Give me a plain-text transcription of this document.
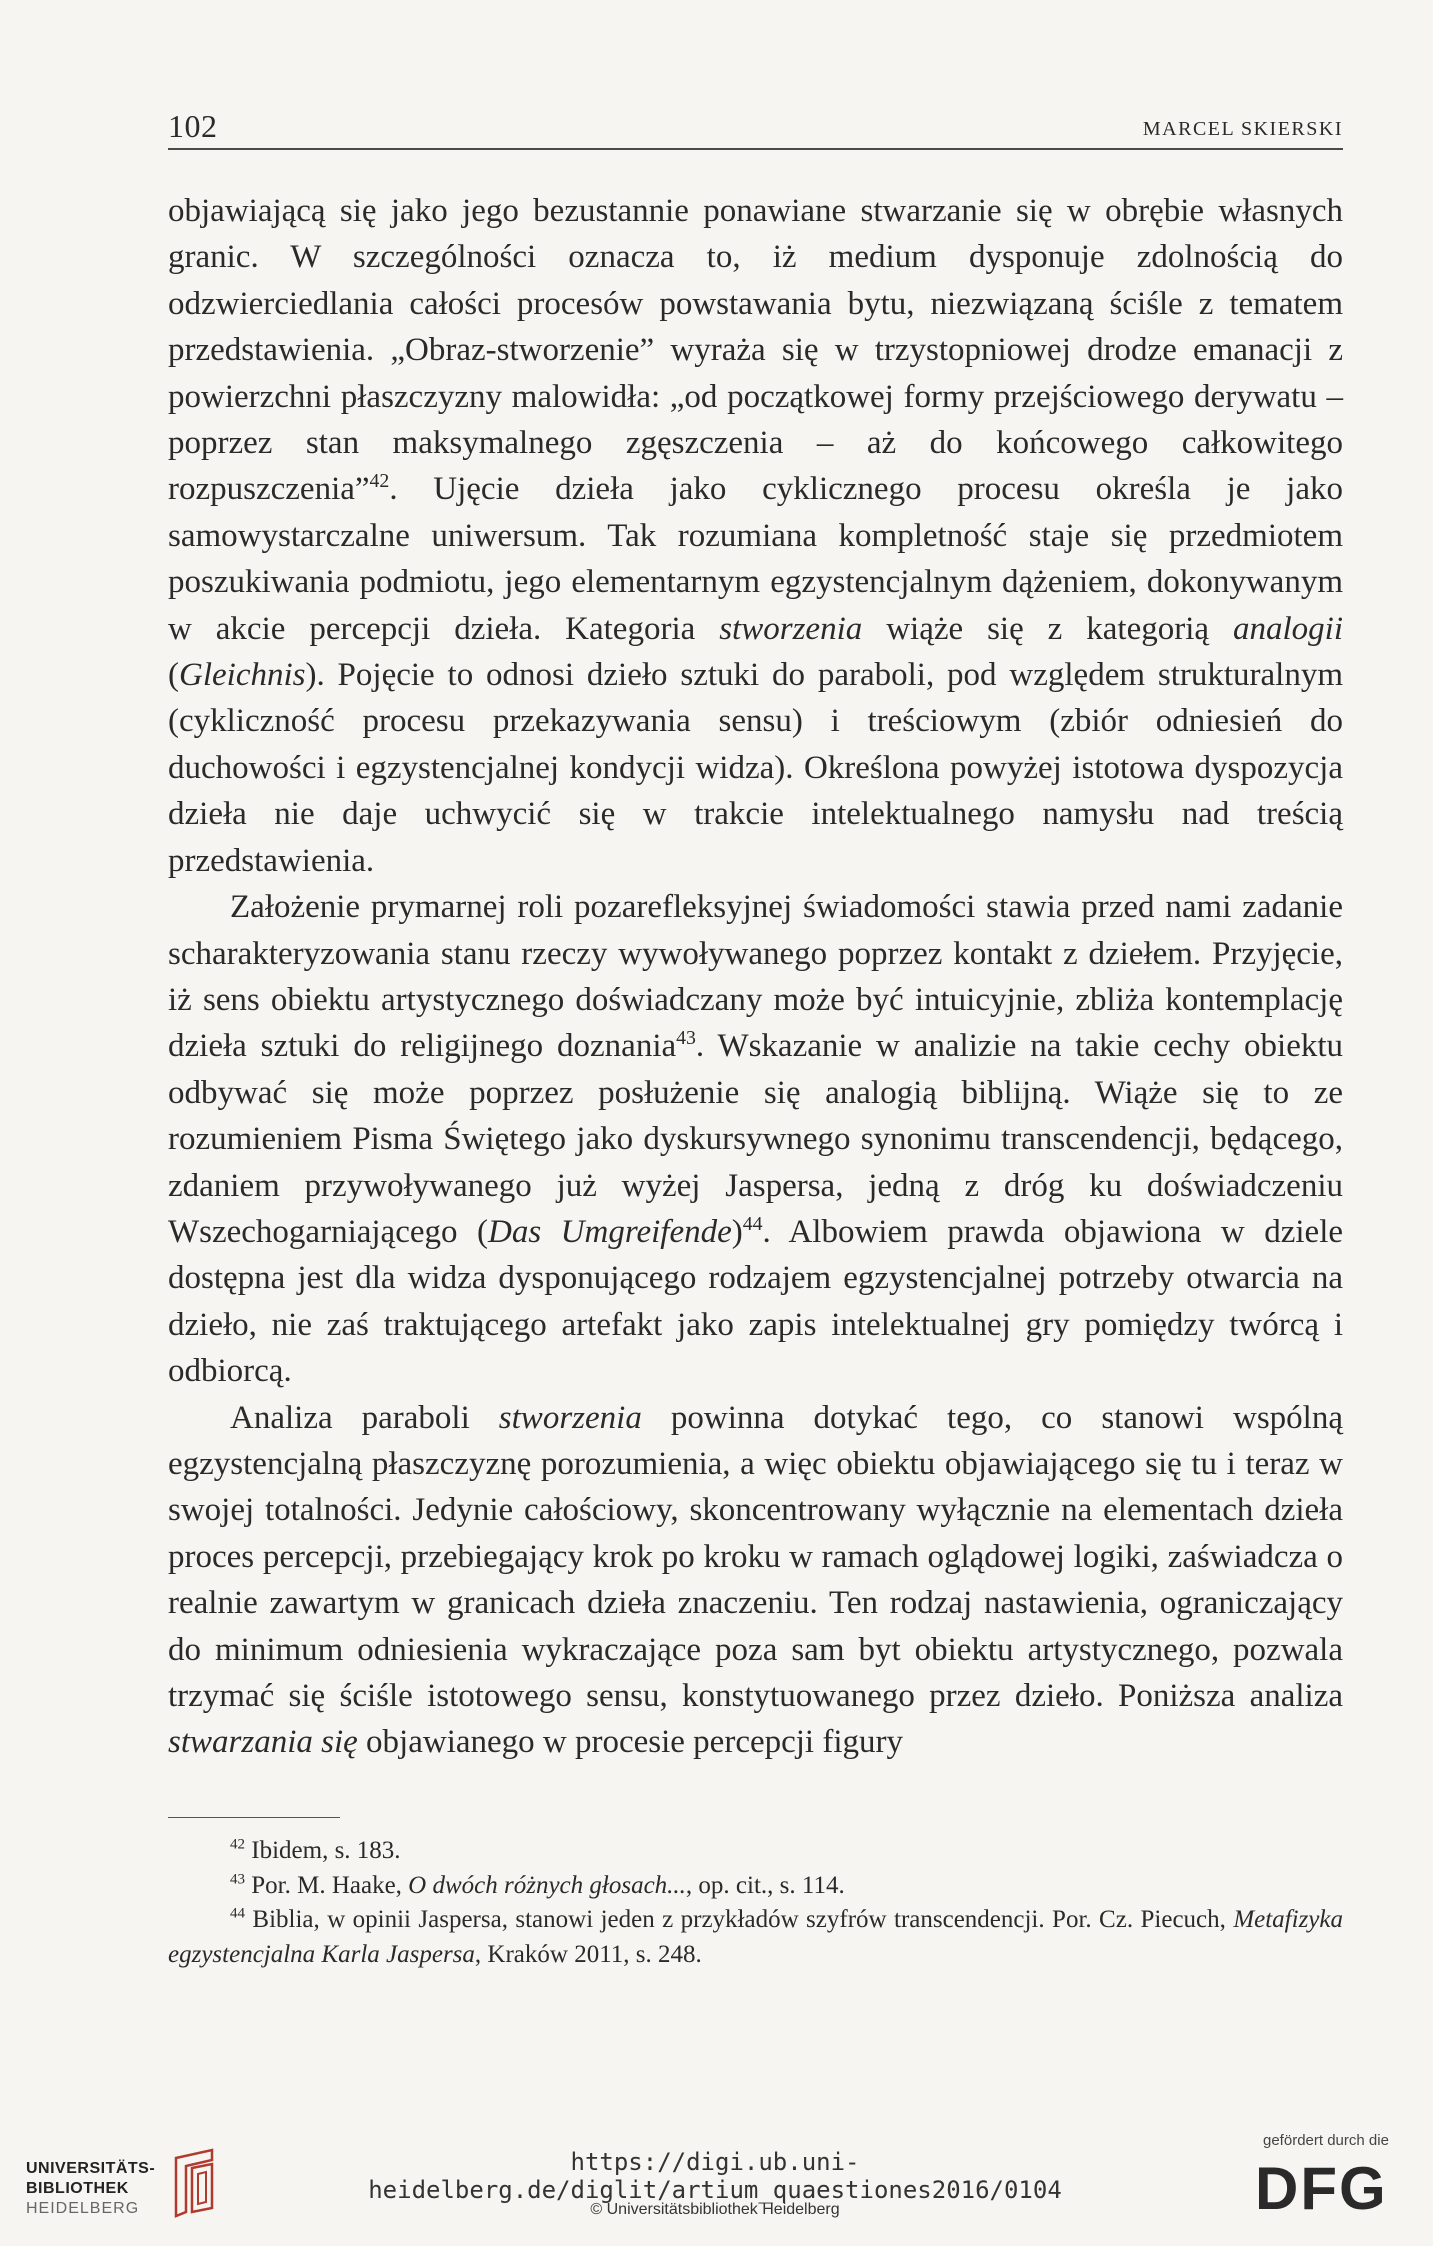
102	MARCEL SKIERSKI

objawiającą się jako jego bezustannie ponawiane stwarzanie się w obrębie własnych granic. W szczególności oznacza to, iż medium dysponuje zdolnością do odzwierciedlania całości procesów powstawania bytu, niezwiązaną ściśle z tematem przedstawienia. „Obraz-stworzenie” wyraża się w trzystopniowej drodze emanacji z powierzchni płaszczyzny malowidła: „od początkowej formy przejściowego derywatu – poprzez stan maksymalnego zgęszczenia – aż do końcowego całkowitego rozpuszczenia”$^{42}$. Ujęcie dzieła jako cyklicznego procesu określa je jako samowystarczalne uniwersum. Tak rozumiana kompletność staje się przedmiotem poszukiwania podmiotu, jego elementarnym egzystencjalnym dążeniem, dokonywanym w akcie percepcji dzieła. Kategoria stworzenia wiąże się z kategorią analogii (Gleichnis). Pojęcie to odnosi dzieło sztuki do paraboli, pod względem strukturalnym (cykliczność procesu przekazywania sensu) i treściowym (zbiór odniesień do duchowości i egzystencjalnej kondycji widza). Określona powyżej istotowa dyspozycja dzieła nie daje uchwycić się w trakcie intelektualnego namysłu nad treścią przedstawienia.

Założenie prymarnej roli pozarefleksyjnej świadomości stawia przed nami zadanie scharakteryzowania stanu rzeczy wywoływanego poprzez kontakt z dziełem. Przyjęcie, iż sens obiektu artystycznego doświadczany może być intuicyjnie, zbliża kontemplację dzieła sztuki do religijnego doznania$^{43}$. Wskazanie w analizie na takie cechy obiektu odbywać się może poprzez posłużenie się analogią biblijną. Wiąże się to ze rozumieniem Pisma Świętego jako dyskursywnego synonimu transcendencji, będącego, zdaniem przywoływanego już wyżej Jaspersa, jedną z dróg ku doświadczeniu Wszechogarniającego (Das Umgreifende)$^{44}$. Albowiem prawda objawiona w dziele dostępna jest dla widza dysponującego rodzajem egzystencjalnej potrzeby otwarcia na dzieło, nie zaś traktującego artefakt jako zapis intelektualnej gry pomiędzy twórcą i odbiorcą.

Analiza paraboli stworzenia powinna dotykać tego, co stanowi wspólną egzystencjalną płaszczyznę porozumienia, a więc obiektu objawiającego się tu i teraz w swojej totalności. Jedynie całościowy, skoncentrowany wyłącznie na elementach dzieła proces percepcji, przebiegający krok po kroku w ramach oglądowej logiki, zaświadcza o realnie zawartym w granicach dzieła znaczeniu. Ten rodzaj nastawienia, ograniczający do minimum odniesienia wykraczające poza sam byt obiektu artystycznego, pozwala trzymać się ściśle istotowego sensu, konstytuowanego przez dzieło. Poniższa analiza stwarzania się objawianego w procesie percepcji figury

$^{42}$ Ibidem, s. 183.

$^{43}$ Por. M. Haake, O dwóch różnych głosach..., op. cit., s. 114.

$^{44}$ Biblia, w opinii Jaspersa, stanowi jeden z przykładów szyfrów transcendencji. Por. Cz. Piecuch, Metafizyka egzystencjalna Karla Jaspersa, Kraków 2011, s. 248.

UNIVERSITÄTS-
BIBLIOTHEK
HEIDELBERG
https://digi.ub.uni-heidelberg.de/diglit/artium_quaestiones2016/0104
© Universitätsbibliothek Heidelberg
gefördert durch die
DFG
